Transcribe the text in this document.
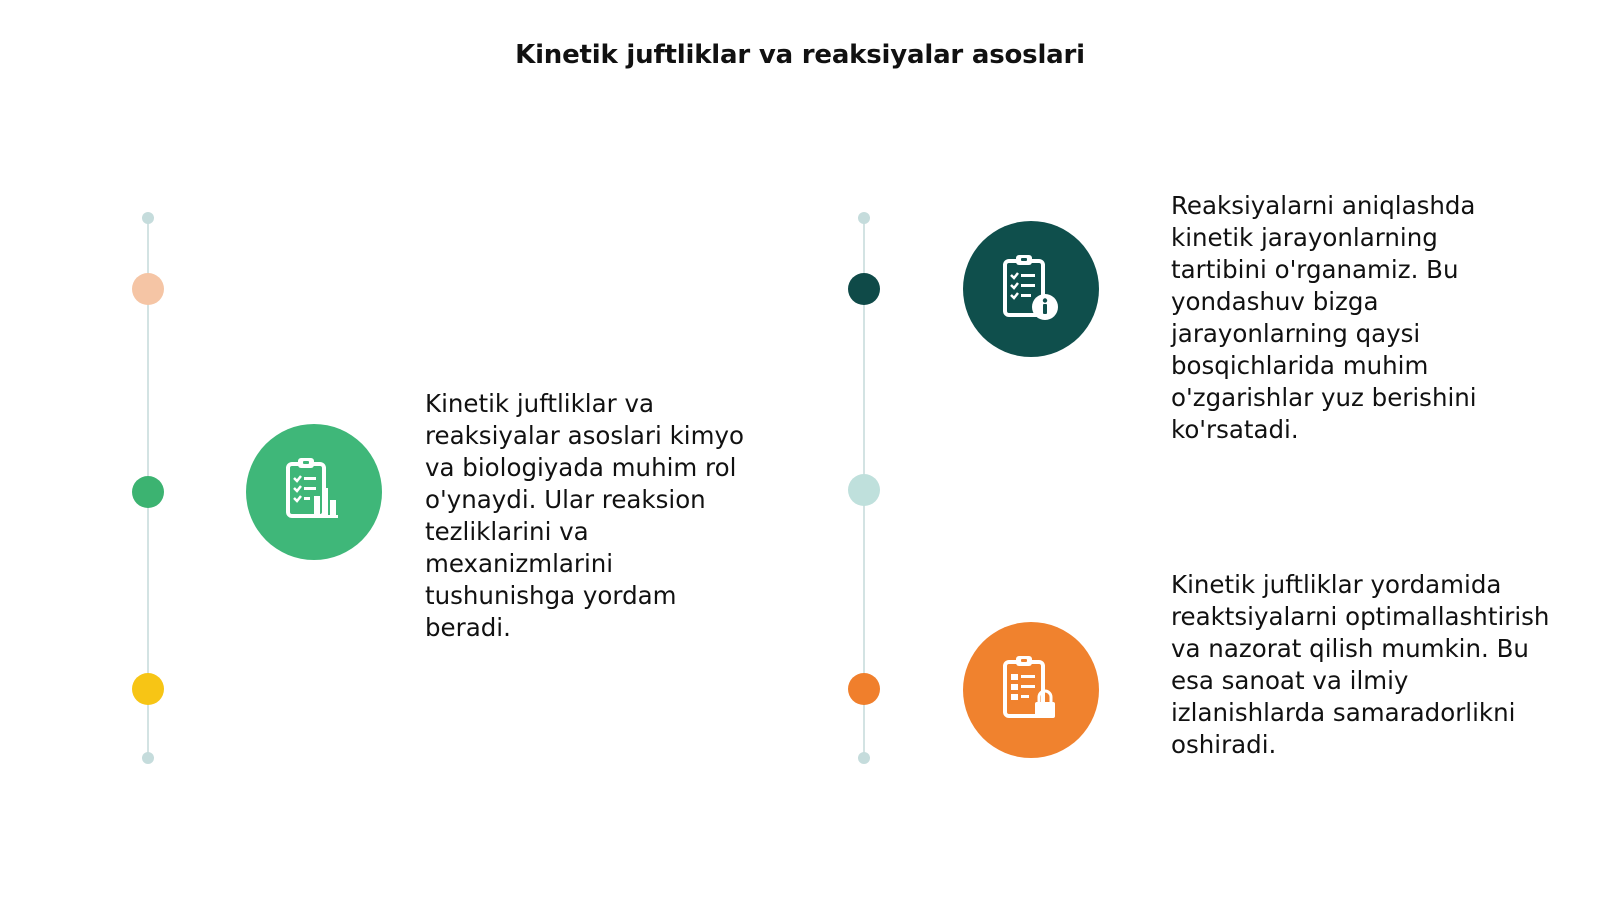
Kinetik juftliklar va reaksiyalar asoslari
Kinetik juftliklar va reaksiyalar asoslari kimyo va biologiyada muhim rol o'ynaydi. Ular reaksion tezliklarini va mexanizmlarini tushunishga yordam beradi.
Reaksiyalarni aniqlashda kinetik jarayonlarning tartibini o'rganamiz. Bu yondashuv bizga jarayonlarning qaysi bosqichlarida muhim o'zgarishlar yuz berishini ko'rsatadi.
Kinetik juftliklar yordamida reaktsiyalarni optimallashtirish va nazorat qilish mumkin. Bu esa sanoat va ilmiy izlanishlarda samaradorlikni oshiradi.
